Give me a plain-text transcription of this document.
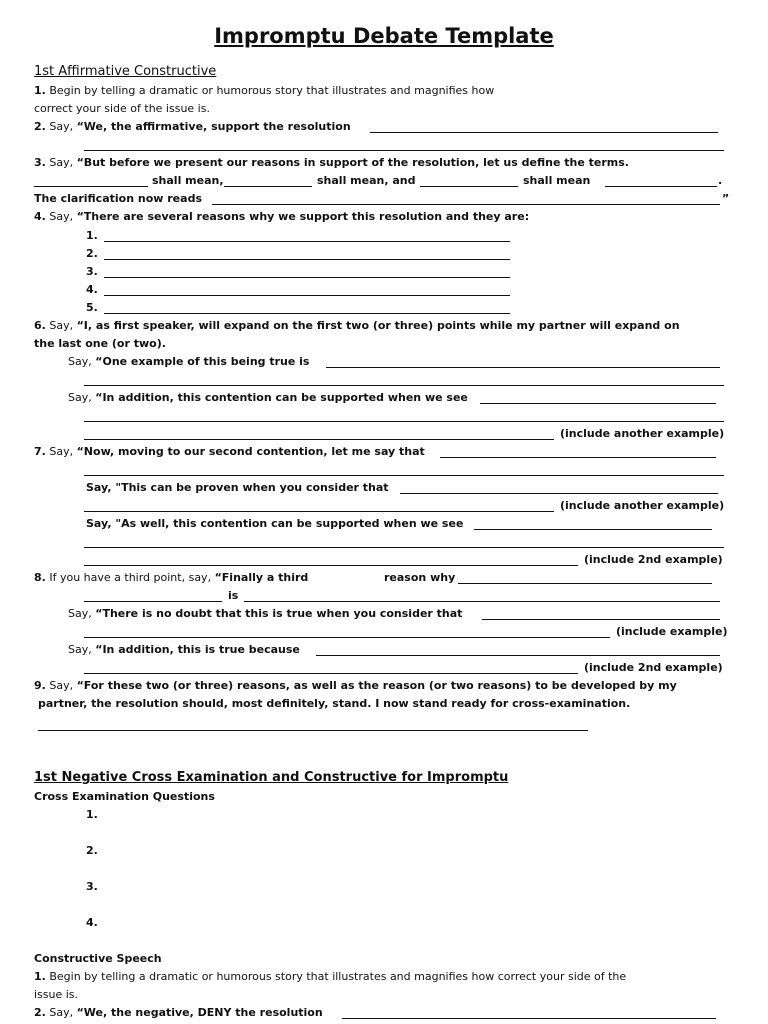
Impromptu Debate Template
1st Affirmative Constructive
1. Begin by telling a dramatic or humorous story that illustrates and magnifies how
correct your side of the issue is.
2. Say, “We, the affirmative, support the resolution
3. Say, “But before we present our reasons in support of the resolution, let us define the terms.
shall mean,	shall mean, and	shall mean	.
The clarification now reads	”
4. Say, “There are several reasons why we support this resolution and they are:
1.
2.
3.
4.
5.
6. Say, “I, as first speaker, will expand on the first two (or three) points while my partner will expand on
the last one (or two).
Say, “One example of this being true is
Say, “In addition, this contention can be supported when we see
(include another example)
7. Say, “Now, moving to our second contention, let me say that
Say, "This can be proven when you consider that
(include another example)
Say, "As well, this contention can be supported when we see
(include 2nd example)
8. If you have a third point, say, “Finally a third	reason why
is
Say, “There is no doubt that this is true when you consider that
(include example)
Say, “In addition, this is true because
(include 2nd example)
9. Say, “For these two (or three) reasons, as well as the reason (or two reasons) to be developed by my
partner, the resolution should, most definitely, stand. I now stand ready for cross-examination.
1st Negative Cross Examination and Constructive for Impromptu
Cross Examination Questions
1.
2.
3.
4.
Constructive Speech
1. Begin by telling a dramatic or humorous story that illustrates and magnifies how correct your side of the
issue is.
2. Say, “We, the negative, DENY the resolution
